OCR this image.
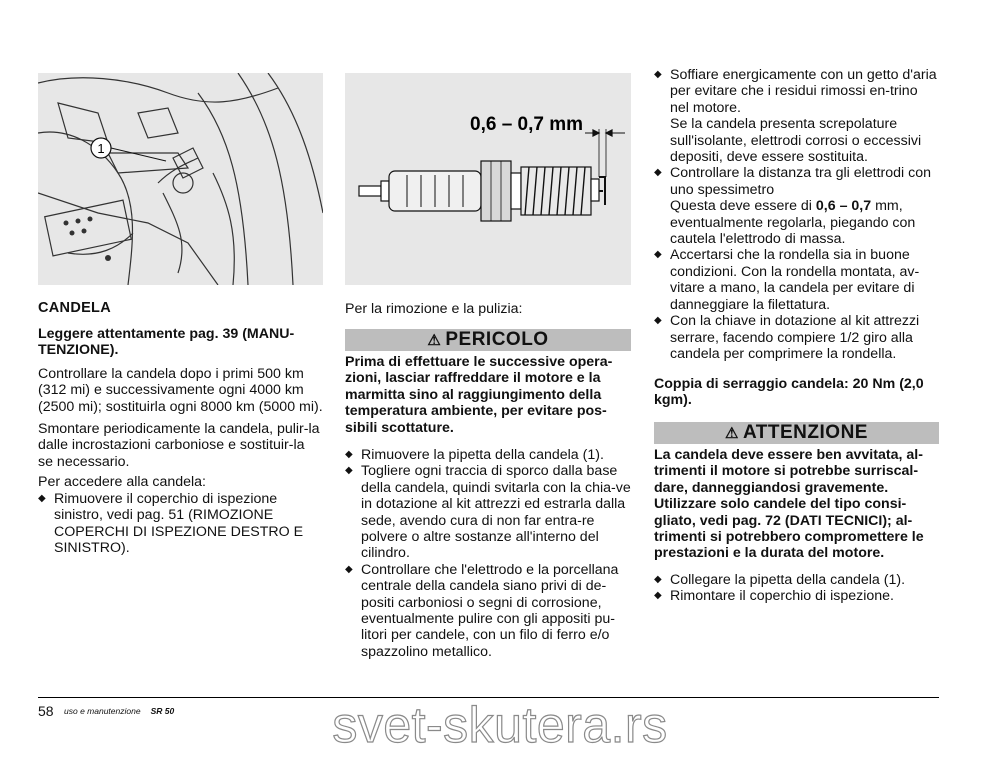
1
0,6 – 0,7 mm

CANDELA

Leggere attentamente pag. 39 (MANU-TENZIONE).

Controllare la candela dopo i primi 500 km (312 mi) e successivamente ogni 4000 km (2500 mi); sostituirla ogni 8000 km (5000 mi).

Smontare periodicamente la candela, pulir-la dalle incrostazioni carboniose e sostituir-la se necessario.

Per accedere alla candela:

◆ Rimuovere il coperchio di ispezione sinistro, vedi pag. 51 (RIMOZIONE COPERCHI DI ISPEZIONE DESTRO E SINISTRO).

Per la rimozione e la pulizia:

⚠ PERICOLO

Prima di effettuare le successive opera-zioni, lasciar raffreddare il motore e la marmitta sino al raggiungimento della temperatura ambiente, per evitare pos-sibili scottature.

◆ Rimuovere la pipetta della candela (1).
◆ Togliere ogni traccia di sporco dalla base della candela, quindi svitarla con la chia-ve in dotazione al kit attrezzi ed estrarla dalla sede, avendo cura di non far entra-re polvere o altre sostanze all'interno del cilindro.
◆ Controllare che l'elettrodo e la porcellana centrale della candela siano privi di de-positi carboniosi o segni di corrosione, eventualmente pulire con gli appositi pu-litori per candele, con un filo di ferro e/o spazzolino metallico.
◆ Soffiare energicamente con un getto d'aria per evitare che i residui rimossi en-trino nel motore.
Se la candela presenta screpolature sull'isolante, elettrodi corrosi o eccessivi depositi, deve essere sostituita.
◆ Controllare la distanza tra gli elettrodi con uno spessimetro
Questa deve essere di 0,6 – 0,7 mm, eventualmente regolarla, piegando con cautela l'elettrodo di massa.
◆ Accertarsi che la rondella sia in buone condizioni. Con la rondella montata, av-vitare a mano, la candela per evitare di danneggiare la filettatura.
◆ Con la chiave in dotazione al kit attrezzi serrare, facendo compiere 1/2 giro alla candela per comprimere la rondella.

Coppia di serraggio candela: 20 Nm (2,0 kgm).

⚠ ATTENZIONE

La candela deve essere ben avvitata, al-trimenti il motore si potrebbe surriscal-dare, danneggiandosi gravemente. Utilizzare solo candele del tipo consi-gliato, vedi pag. 72 (DATI TECNICI); al-trimenti si potrebbero compromettere le prestazioni e la durata del motore.

◆ Collegare la pipetta della candela (1).
◆ Rimontare il coperchio di ispezione.
58 uso e manutenzione SR 50	svet-skutera.rs
